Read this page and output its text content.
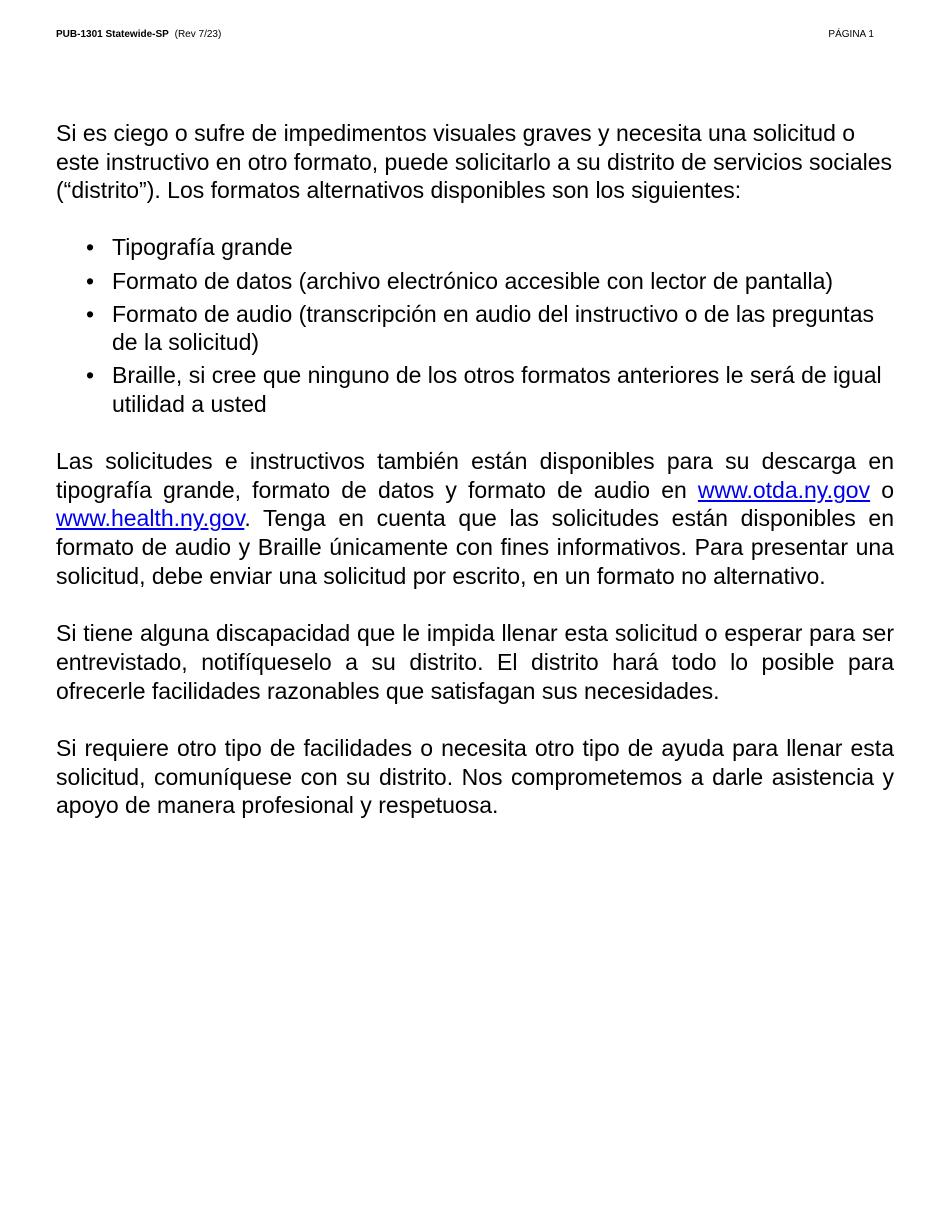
PUB-1301 Statewide-SP (Rev 7/23)	PÁGINA 1

Si es ciego o sufre de impedimentos visuales graves y necesita una solicitud o este instructivo en otro formato, puede solicitarlo a su distrito de servicios sociales (“distrito”). Los formatos alternativos disponibles son los siguientes:

• Tipografía grande
• Formato de datos (archivo electrónico accesible con lector de pantalla)
• Formato de audio (transcripción en audio del instructivo o de las preguntas de la solicitud)
• Braille, si cree que ninguno de los otros formatos anteriores le será de igual utilidad a usted

Las solicitudes e instructivos también están disponibles para su descarga en tipografía grande, formato de datos y formato de audio en www.otda.ny.gov o www.health.ny.gov. Tenga en cuenta que las solicitudes están disponibles en formato de audio y Braille únicamente con fines informativos. Para presentar una solicitud, debe enviar una solicitud por escrito, en un formato no alternativo.

Si tiene alguna discapacidad que le impida llenar esta solicitud o esperar para ser entrevistado, notifíqueselo a su distrito. El distrito hará todo lo posible para ofrecerle facilidades razonables que satisfagan sus necesidades.

Si requiere otro tipo de facilidades o necesita otro tipo de ayuda para llenar esta solicitud, comuníquese con su distrito. Nos comprometemos a darle asistencia y apoyo de manera profesional y respetuosa.
